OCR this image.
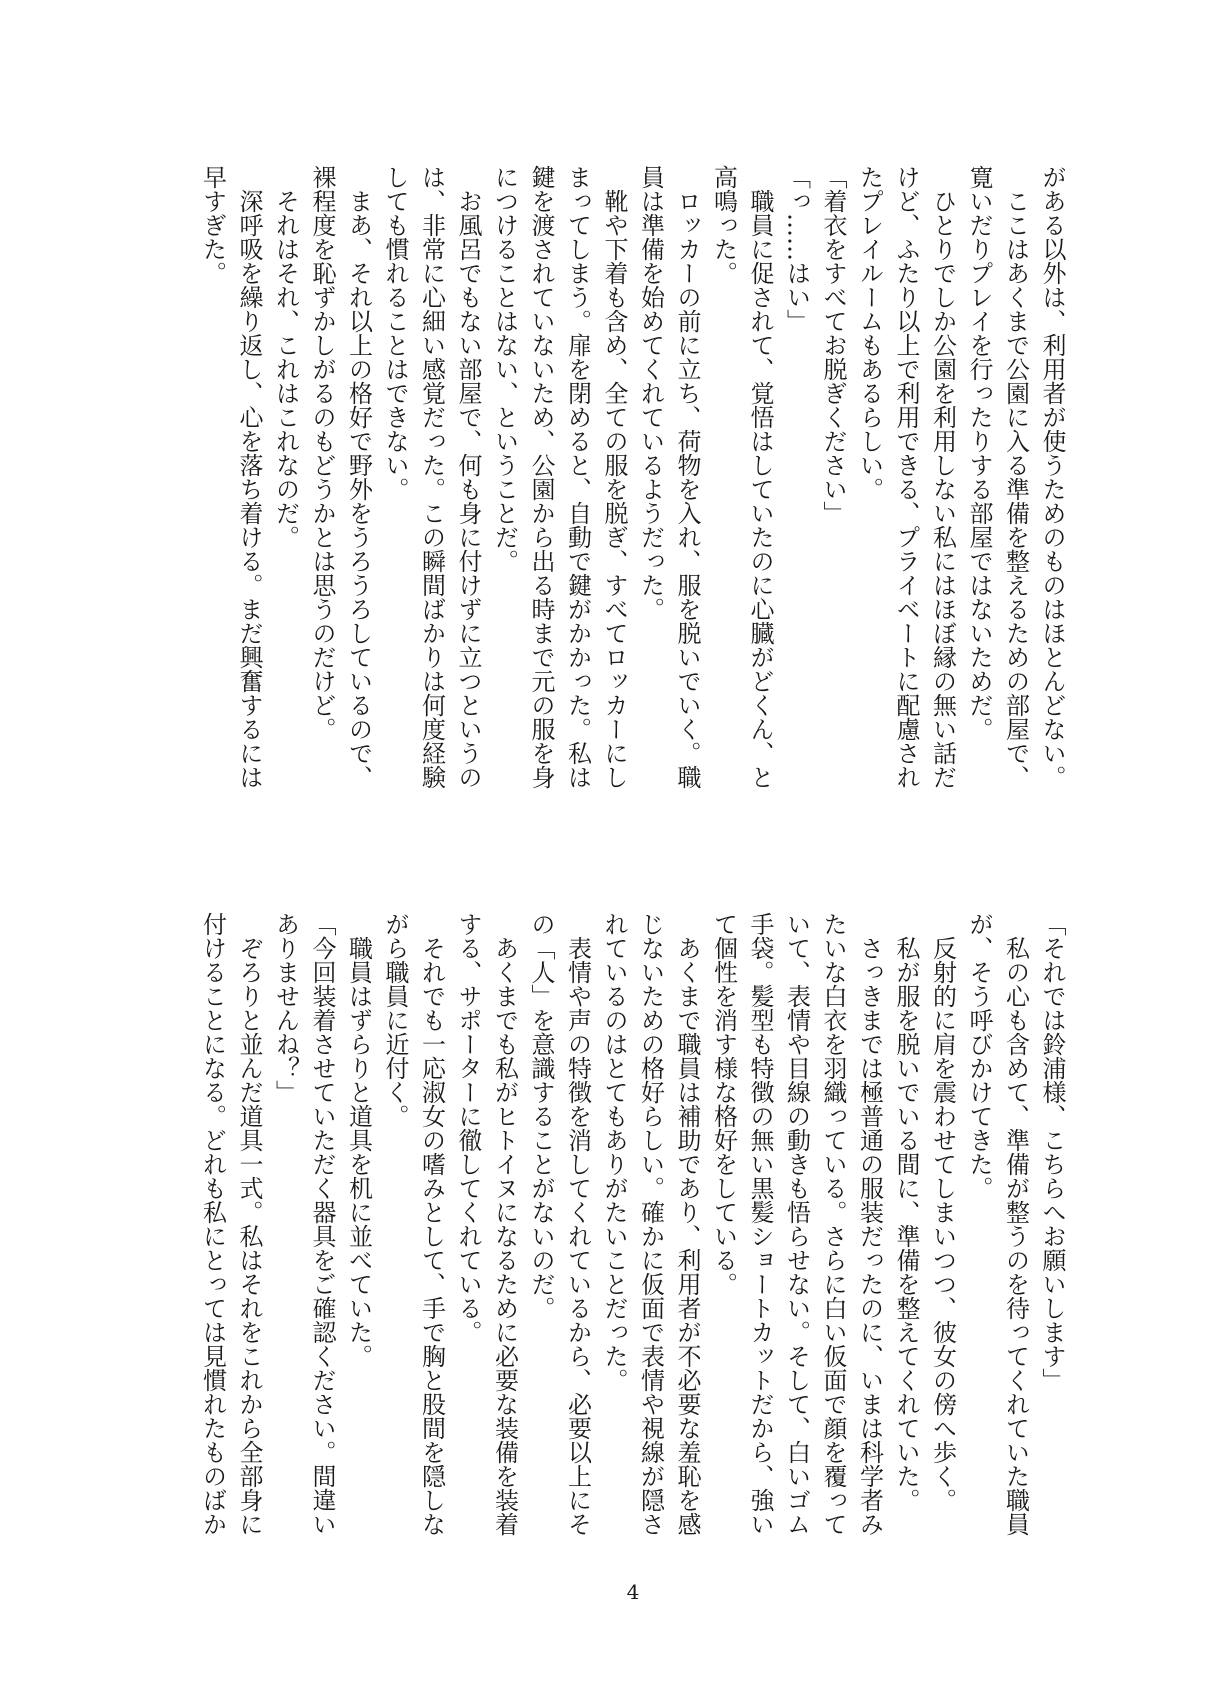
がある以外は、利用者が使うためのものはほとんどない。
　ここはあくまで公園に入る準備を整えるための部屋で、
寛いだりプレイを行ったりする部屋ではないためだ。
　ひとりでしか公園を利用しない私にはほぼ縁の無い話だ
けど、ふたり以上で利用できる、プライベートに配慮され
たプレイルームもあるらしい。
「着衣をすべてお脱ぎください」
「っ……はい」
　職員に促されて、覚悟はしていたのに心臓がどくん、と
高鳴った。
　ロッカーの前に立ち、荷物を入れ、服を脱いでいく。職
員は準備を始めてくれているようだった。
　靴や下着も含め、全ての服を脱ぎ、すべてロッカーにし
まってしまう。扉を閉めると、自動で鍵がかかった。私は
鍵を渡されていないため、公園から出る時まで元の服を身
につけることはない、ということだ。
　お風呂でもない部屋で、何も身に付けずに立つというの
は、非常に心細い感覚だった。この瞬間ばかりは何度経験
しても慣れることはできない。
　まあ、それ以上の格好で野外をうろうろしているので、
裸程度を恥ずかしがるのもどうかとは思うのだけど。
　それはそれ、これはこれなのだ。
　深呼吸を繰り返し、心を落ち着ける。まだ興奮するには
早すぎた。
「それでは鈴浦様、こちらへお願いします」
　私の心も含めて、準備が整うのを待ってくれていた職員
が、そう呼びかけてきた。
　反射的に肩を震わせてしまいつつ、彼女の傍へ歩く。
　私が服を脱いでいる間に、準備を整えてくれていた。
　さっきまでは極普通の服装だったのに、いまは科学者み
たいな白衣を羽織っている。さらに白い仮面で顔を覆って
いて、表情や目線の動きも悟らせない。そして、白いゴム
手袋。髪型も特徴の無い黒髪ショートカットだから、強い
て個性を消す様な格好をしている。
　あくまで職員は補助であり、利用者が不必要な羞恥を感
じないための格好らしい。確かに仮面で表情や視線が隠さ
れているのはとてもありがたいことだった。
　表情や声の特徴を消してくれているから、必要以上にそ
の「人」を意識することがないのだ。
　あくまでも私がヒトイヌになるために必要な装備を装着
する、サポーターに徹してくれている。
　それでも一応淑女の嗜みとして、手で胸と股間を隠しな
がら職員に近付く。
　職員はずらりと道具を机に並べていた。
「今回装着させていただく器具をご確認ください。間違い
ありませんね？」
　ぞろりと並んだ道具一式。私はそれをこれから全部身に
付けることになる。どれも私にとっては見慣れたものばか
4
